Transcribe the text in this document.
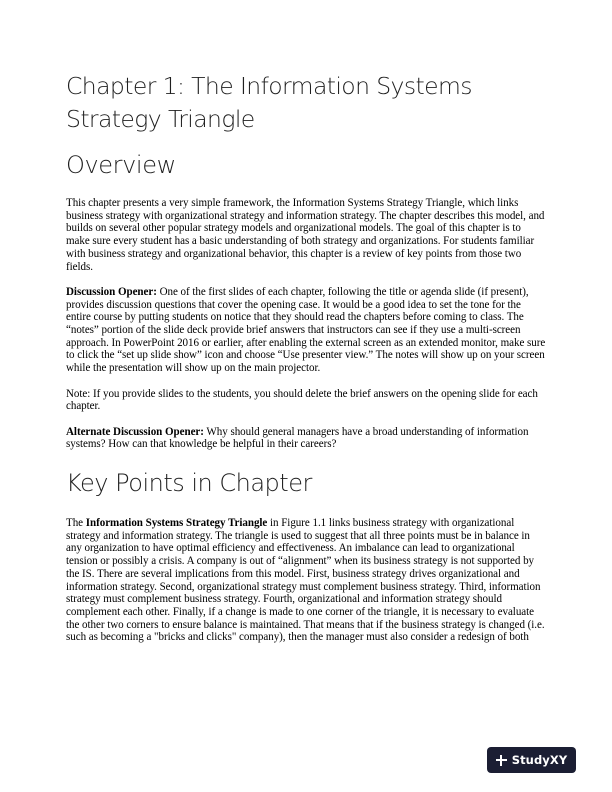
Chapter 1: The Information Systems Strategy Triangle
Overview

This chapter presents a very simple framework, the Information Systems Strategy Triangle, which links business strategy with organizational strategy and information strategy. The chapter describes this model, and builds on several other popular strategy models and organizational models. The goal of this chapter is to make sure every student has a basic understanding of both strategy and organizations. For students familiar with business strategy and organizational behavior, this chapter is a review of key points from those two fields.

Discussion Opener: One of the first slides of each chapter, following the title or agenda slide (if present), provides discussion questions that cover the opening case. It would be a good idea to set the tone for the entire course by putting students on notice that they should read the chapters before coming to class. The “notes” portion of the slide deck provide brief answers that instructors can see if they use a multi-screen approach. In PowerPoint 2016 or earlier, after enabling the external screen as an extended monitor, make sure to click the “set up slide show” icon and choose “Use presenter view.” The notes will show up on your screen while the presentation will show up on the main projector.

Note: If you provide slides to the students, you should delete the brief answers on the opening slide for each chapter.

Alternate Discussion Opener: Why should general managers have a broad understanding of information systems? How can that knowledge be helpful in their careers?

Key Points in Chapter

The Information Systems Strategy Triangle in Figure 1.1 links business strategy with organizational strategy and information strategy. The triangle is used to suggest that all three points must be in balance in any organization to have optimal efficiency and effectiveness. An imbalance can lead to organizational tension or possibly a crisis. A company is out of “alignment” when its business strategy is not supported by the IS. There are several implications from this model. First, business strategy drives organizational and information strategy. Second, organizational strategy must complement business strategy. Third, information strategy must complement business strategy. Fourth, organizational and information strategy should complement each other. Finally, if a change is made to one corner of the triangle, it is necessary to evaluate the other two corners to ensure balance is maintained. That means that if the business strategy is changed (i.e. such as becoming a "bricks and clicks" company), then the manager must also consider a redesign of both

StudyXY
